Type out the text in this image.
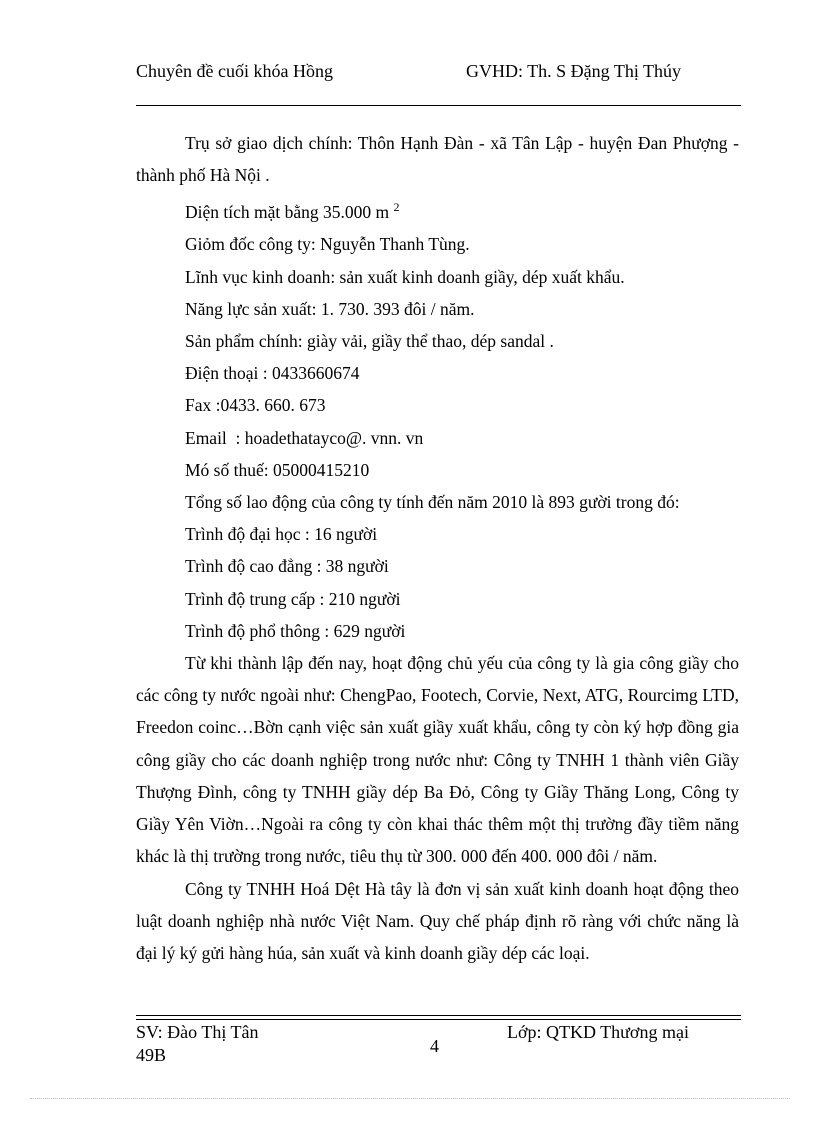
Chuyên đề cuối khóa Hồng	GVHD: Th. S Đặng Thị Thúy

Trụ sở giao dịch chính: Thôn Hạnh Đàn - xã Tân Lập - huyện Đan Phượng - thành phố Hà Nội .

Diện tích mặt bằng 35.000 m $^2$

Giỏm đốc công ty: Nguyễn Thanh Tùng.

Lĩnh vục kinh doanh: sản xuất kinh doanh giầy, dép xuất khẩu.

Năng lực sản xuất: 1. 730. 393 đôi / năm.

Sản phẩm chính: giày vải, giầy thể thao, dép sandal .

Điện thoại : 0433660674

Fax :0433. 660. 673

Email  : hoadethatayco@. vnn. vn

Mó số thuế: 05000415210

Tổng số lao động của công ty tính đến năm 2010 là 893 gười trong đó:

Trình độ đại học : 16 người

Trình độ cao đẳng : 38 người

Trình độ trung cấp : 210 người

Trình độ phổ thông : 629 người

Từ khi thành lập đến nay, hoạt động chủ yếu của công ty là gia công giầy cho các công ty nước ngoài như: ChengPao, Footech, Corvie, Next, ATG, Rourcimg LTD, Freedon coinc…Bờn cạnh việc sản xuất giầy xuất khẩu, công ty còn ký hợp đồng gia công giầy cho các doanh nghiệp trong nước như: Công ty TNHH 1 thành viên Giầy Thượng Đình, công ty TNHH giầy dép Ba Đỏ, Công ty Giầy Thăng Long, Công ty Giầy Yên Viờn…Ngoài ra công ty còn khai thác thêm một thị trường đầy tiềm năng khác là thị trường trong nước, tiêu thụ từ 300. 000 đến 400. 000 đôi / năm.

Công ty TNHH Hoá Dệt Hà tây là đơn vị sản xuất kinh doanh hoạt động theo luật doanh nghiệp nhà nước Việt Nam. Quy chế pháp định rõ ràng với chức năng là đại lý ký gửi hàng húa, sản xuất và kinh doanh giầy dép các loại.

SV: Đào Thị Tân 49B	4
Lớp: QTKD Thương mại
